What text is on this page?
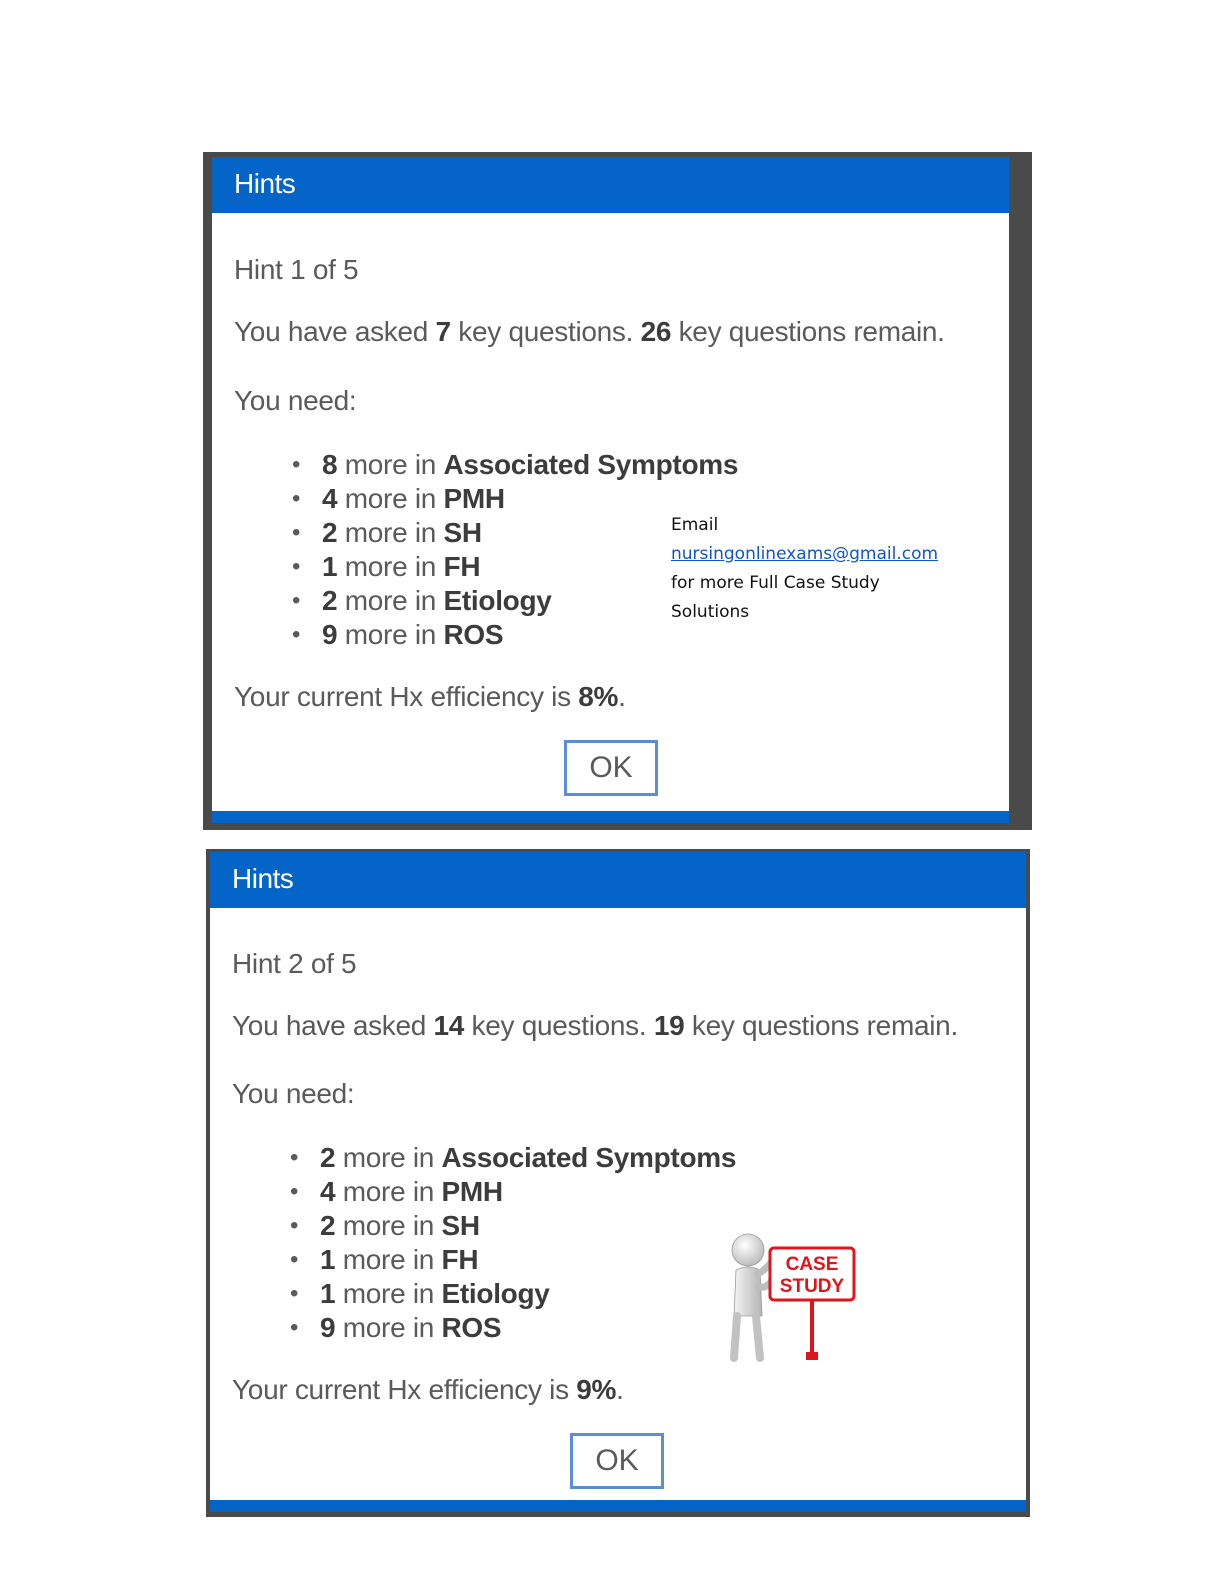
Hints
Hint 1 of 5
You have asked 7 key questions. 26 key questions remain.
You need:
• 8 more in Associated Symptoms
• 4 more in PMH
• 2 more in SH
• 1 more in FH
• 2 more in Etiology
• 9 more in ROS
Your current Hx efficiency is 8%.
OK
Hints
Hint 2 of 5
You have asked 14 key questions. 19 key questions remain.
You need:
• 2 more in Associated Symptoms
• 4 more in PMH
• 2 more in SH
• 1 more in FH
• 1 more in Etiology
• 9 more in ROS
Your current Hx efficiency is 9%.
OK
Email
nursingonlinexams@gmail.com
for more Full Case Study
Solutions
CASE
STUDY
